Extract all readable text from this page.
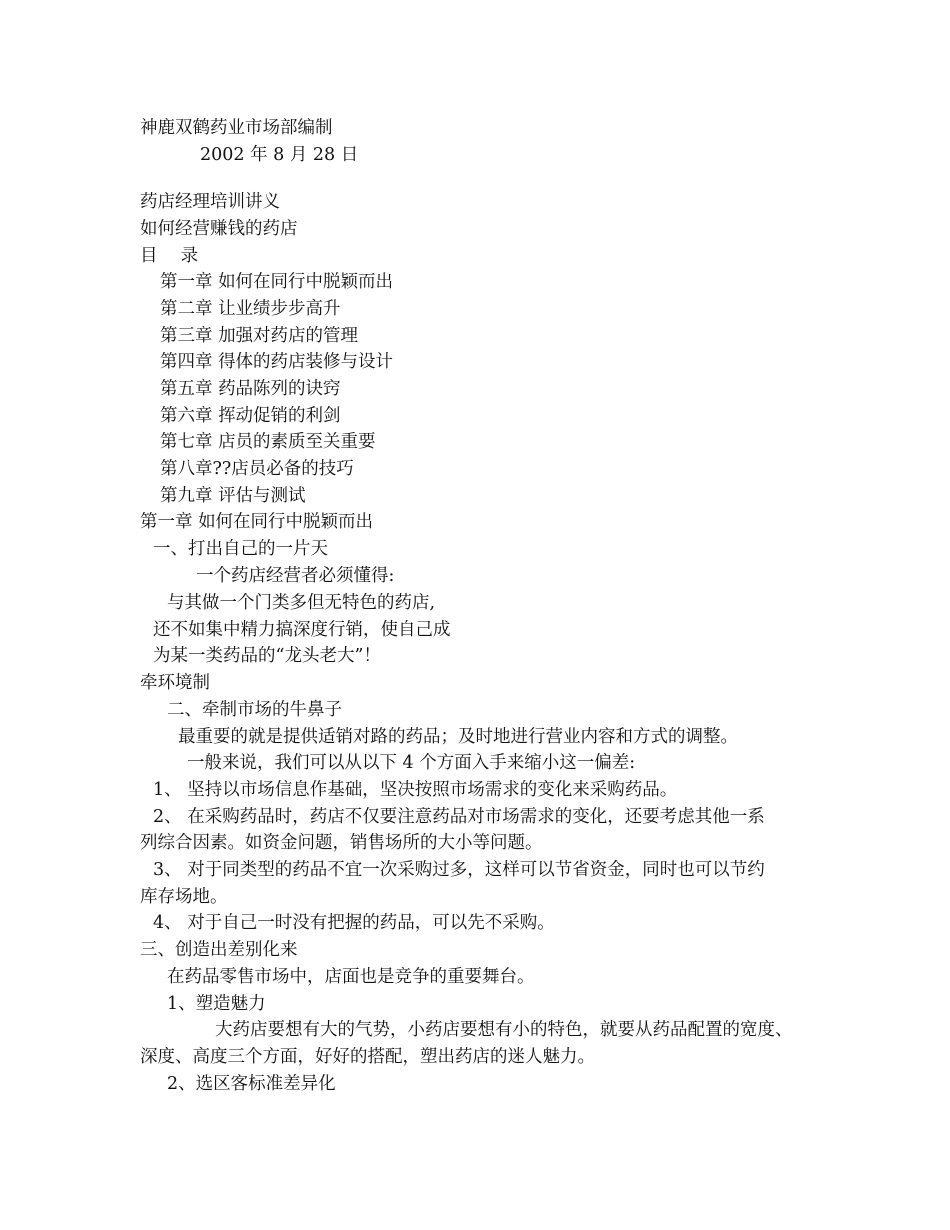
神鹿双鹤药业市场部编制

2002 年 8 月 28 日

药店经理培训讲义

如何经营赚钱的药店

目　 录

第一章 如何在同行中脱颖而出

第二章 让业绩步步高升

第三章 加强对药店的管理

第四章 得体的药店装修与设计

第五章 药品陈列的诀窍

第六章 挥动促销的利剑

第七章 店员的素质至关重要

第八章??店员必备的技巧

第九章 评估与测试

第一章 如何在同行中脱颖而出

一、打出自己的一片天

一个药店经营者必须懂得:

与其做一个门类多但无特色的药店,

还不如集中精力搞深度行销，使自己成

为某一类药品的“龙头老大”！

牵环境制

二、牵制市场的牛鼻子

最重要的就是提供适销对路的药品；及时地进行营业内容和方式的调整。

一般来说，我们可以从以下 4 个方面入手来缩小这一偏差:

1、 坚持以市场信息作基础，坚决按照市场需求的变化来采购药品。

2、 在采购药品时，药店不仅要注意药品对市场需求的变化，还要考虑其他一系

列综合因素。如资金问题，销售场所的大小等问题。

3、 对于同类型的药品不宜一次采购过多，这样可以节省资金，同时也可以节约

库存场地。

4、 对于自己一时没有把握的药品，可以先不采购。

三、创造出差别化来

在药品零售市场中，店面也是竞争的重要舞台。

1、塑造魅力

大药店要想有大的气势，小药店要想有小的特色，就要从药品配置的宽度、

深度、高度三个方面，好好的搭配，塑出药店的迷人魅力。

2、选区客标准差异化
